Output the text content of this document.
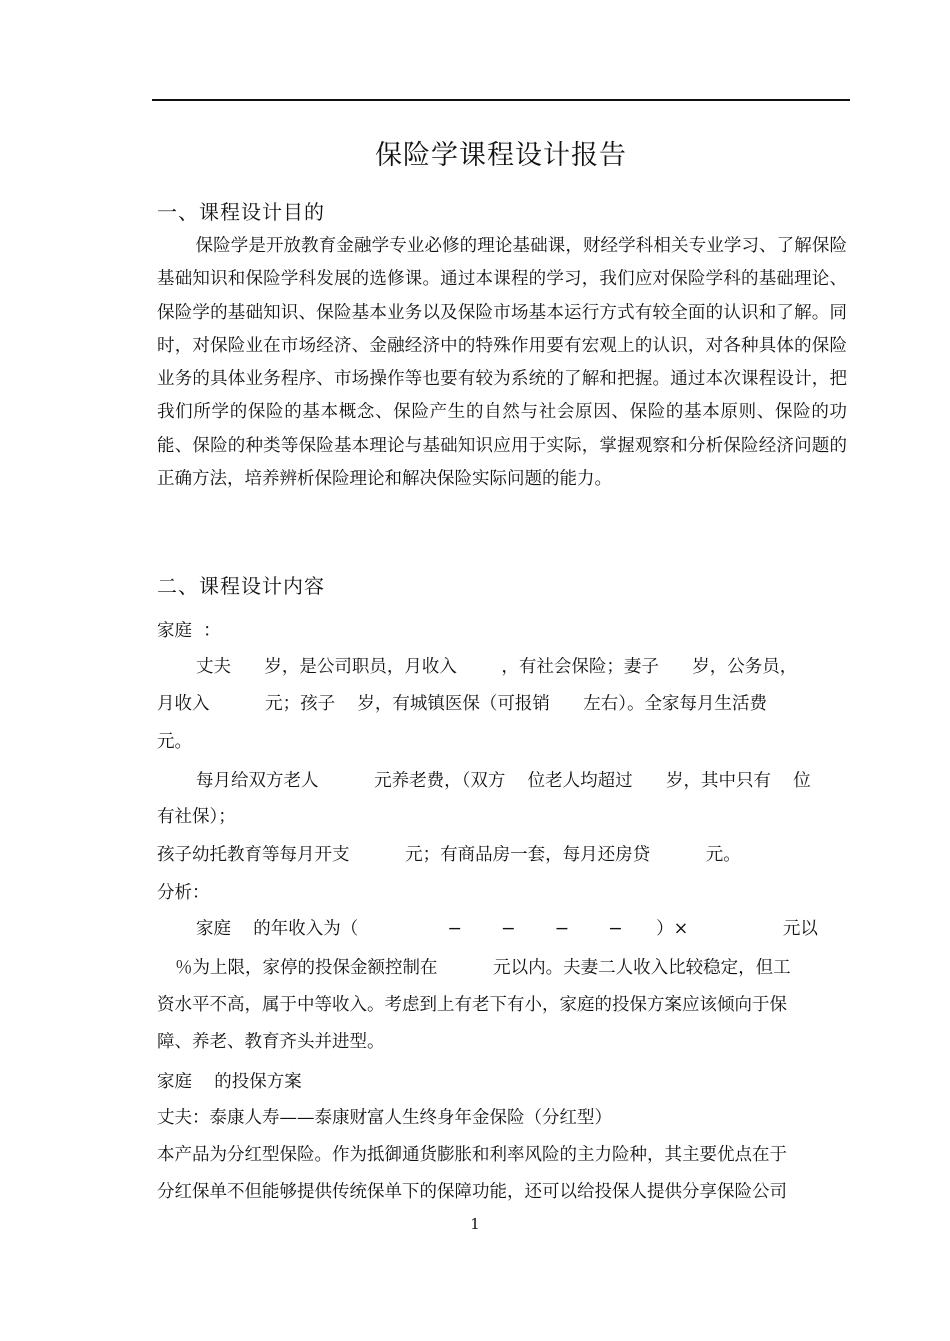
保险学课程设计报告
一、课程设计目的

保险学是开放教育金融学专业必修的理论基础课，财经学科相关专业学习、了解保险基础知识和保险学科发展的选修课。通过本课程的学习，我们应对保险学科的基础理论、保险学的基础知识、保险基本业务以及保险市场基本运行方式有较全面的认识和了解。同时，对保险业在市场经济、金融经济中的特殊作用要有宏观上的认识，对各种具体的保险业务的具体业务程序、市场操作等也要有较为系统的了解和把握。通过本次课程设计，把我们所学的保险的基本概念、保险产生的自然与社会原因、保险的基本原则、保险的功能、保险的种类等保险基本理论与基础知识应用于实际，掌握观察和分析保险经济问题的正确方法，培养辨析保险理论和解决保险实际问题的能力。

二、课程设计内容
家庭  ：
丈夫      岁，是公司职员，月收入        ，有社会保险；妻子      岁，公务员，
月收入          元；孩子    岁，有城镇医保（可报销      左右）。全家每月生活费
元。
每月给双方老人          元养老费，（双方    位老人均超过      岁，其中只有    位
有社保）；
孩子幼托教育等每月开支          元；有商品房一套，每月还房贷          元。
分析：
家庭    的年收入为（                −       −       −       −      ）×                 元以
％为上限，家停的投保金额控制在          元以内。夫妻二人收入比较稳定，但工
资水平不高，属于中等收入。考虑到上有老下有小，家庭的投保方案应该倾向于保
障、养老、教育齐头并进型。
家庭    的投保方案
丈夫：泰康人寿——泰康财富人生终身年金保险（分红型）
本产品为分红型保险。作为抵御通货膨胀和利率风险的主力险种，其主要优点在于
分红保单不但能够提供传统保单下的保障功能，还可以给投保人提供分享保险公司
1
